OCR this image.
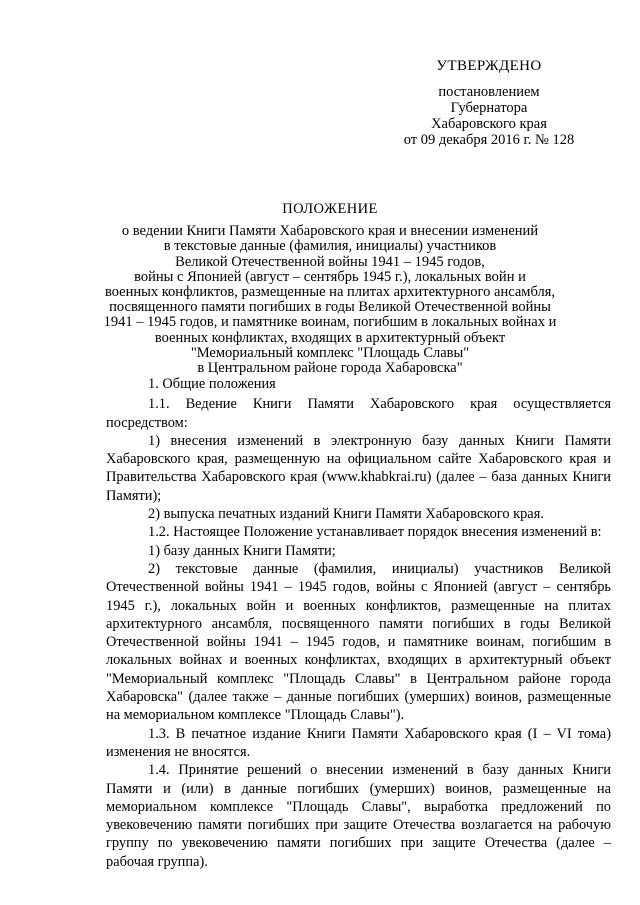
УТВЕРЖДЕНО
постановлением
Губернатора
Хабаровского края
от 09 декабря 2016 г. № 128
ПОЛОЖЕНИЕ
о ведении Книги Памяти Хабаровского края и внесении изменений
в текстовые данные (фамилия, инициалы) участников
Великой Отечественной войны 1941 – 1945 годов,
войны с Японией (август – сентябрь 1945 г.), локальных войн и
военных конфликтов, размещенные на плитах архитектурного ансамбля,
посвященного памяти погибших в годы Великой Отечественной войны
1941 – 1945 годов, и памятнике воинам, погибшим в локальных войнах и
военных конфликтах, входящих в архитектурный объект
"Мемориальный комплекс "Площадь Славы"
в Центральном районе города Хабаровска"

1. Общие положения

1.1. Ведение Книги Памяти Хабаровского края осуществляется посредством:

1) внесения изменений в электронную базу данных Книги Памяти Хабаровского края, размещенную на официальном сайте Хабаровского края и Правительства Хабаровского края (www.khabkrai.ru) (далее – база данных Книги Памяти);

2) выпуска печатных изданий Книги Памяти Хабаровского края.

1.2. Настоящее Положение устанавливает порядок внесения изменений в:

1) базу данных Книги Памяти;

2) текстовые данные (фамилия, инициалы) участников Великой Отечественной войны 1941 – 1945 годов, войны с Японией (август – сентябрь 1945 г.), локальных войн и военных конфликтов, размещенные на плитах архитектурного ансамбля, посвященного памяти погибших в годы Великой Отечественной войны 1941 – 1945 годов, и памятнике воинам, погибшим в локальных войнах и военных конфликтах, входящих в архитектурный объект "Мемориальный комплекс "Площадь Славы" в Центральном районе города Хабаровска" (далее также – данные погибших (умерших) воинов, размещенные на мемориальном комплексе "Площадь Славы").

1.3. В печатное издание Книги Памяти Хабаровского края (I – VI тома) изменения не вносятся.

1.4. Принятие решений о внесении изменений в базу данных Книги Памяти и (или) в данные погибших (умерших) воинов, размещенные на мемориальном комплексе "Площадь Славы", выработка предложений по увековечению памяти погибших при защите Отечества возлагается на рабочую группу по увековечению памяти погибших при защите Отечества (далее – рабочая группа).
